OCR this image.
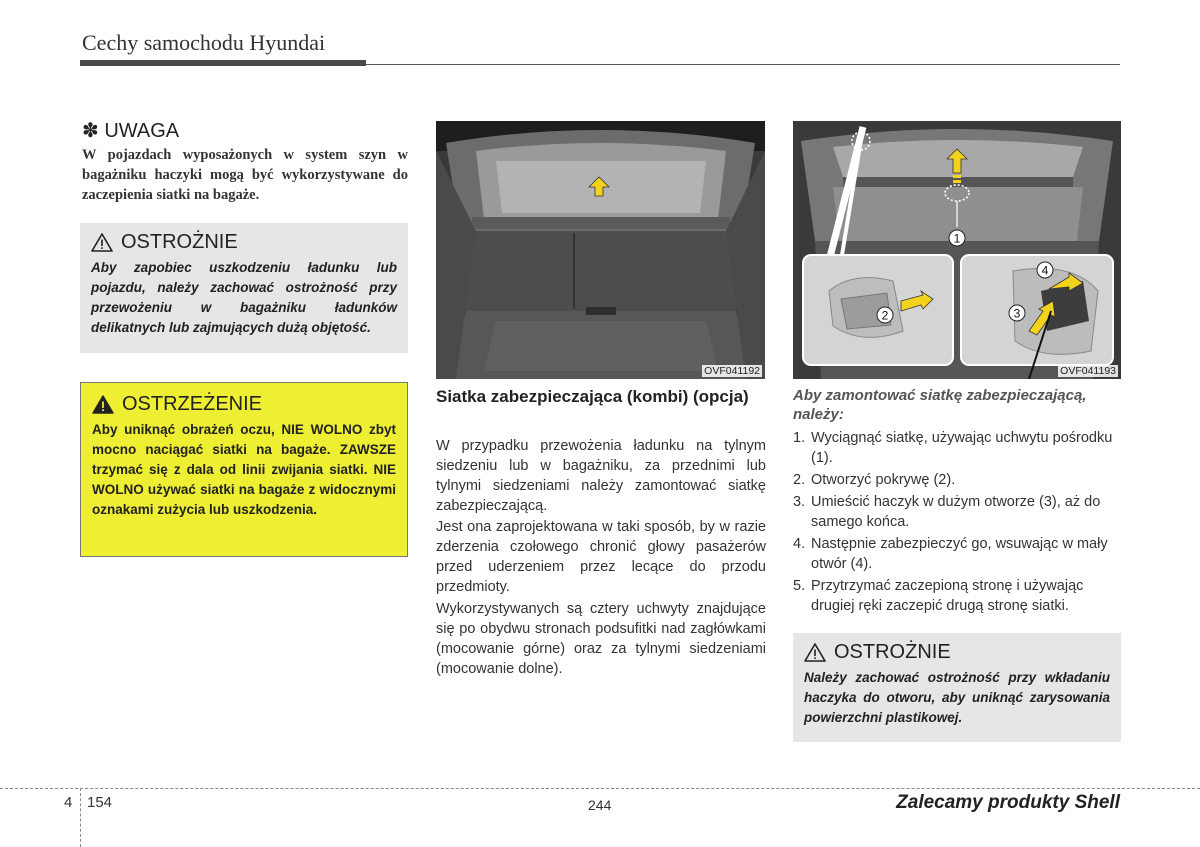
Cechy samochodu Hyundai
✽ UWAGA
W pojazdach wyposażonych w system szyn w bagażniku haczyki mogą być wykorzystywane do zaczepienia siatki na bagaże.
OSTROŻNIE
Aby zapobiec uszkodzeniu ładunku lub pojazdu, należy zachować ostrożność przy przewożeniu w bagażniku ładunków delikatnych lub zajmujących dużą objętość.
OSTRZEŻENIE
Aby uniknąć obrażeń oczu, NIE WOLNO zbyt mocno naciągać siatki na bagaże. ZAWSZE trzymać się z dala od linii zwijania siatki. NIE WOLNO używać siatki na bagaże z widocznymi oznakami zużycia lub uszkodzenia.
OVF041192
1
2
4
3
OVF041193
Siatka zabezpieczająca (kombi) (opcja)
W przypadku przewożenia ładunku na tylnym siedzeniu lub w bagażniku, za przednimi lub tylnymi siedzeniami należy zamontować siatkę zabezpieczającą.
Jest ona zaprojektowana w taki sposób, by w razie zderzenia czołowego chronić głowy pasażerów przed uderzeniem przez lecące do przodu przedmioty.
Wykorzystywanych są cztery uchwyty znajdujące się po obydwu stronach podsufitki nad zagłówkami (mocowanie górne) oraz za tylnymi siedzeniami (mocowanie dolne).
Aby zamontować siatkę zabezpieczającą, należy:
1. Wyciągnąć siatkę, używając uchwytu pośrodku (1).
2. Otworzyć pokrywę (2).
3. Umieścić haczyk w dużym otworze (3), aż do samego końca.
4. Następnie zabezpieczyć go, wsuwając w mały otwór (4).
5. Przytrzymać zaczepioną stronę i używając drugiej ręki zaczepić drugą stronę siatki.
OSTROŻNIE
Należy zachować ostrożność przy wkładaniu haczyka do otworu, aby uniknąć zarysowania powierzchni plastikowej.
4 154	244	Zalecamy produkty Shell
